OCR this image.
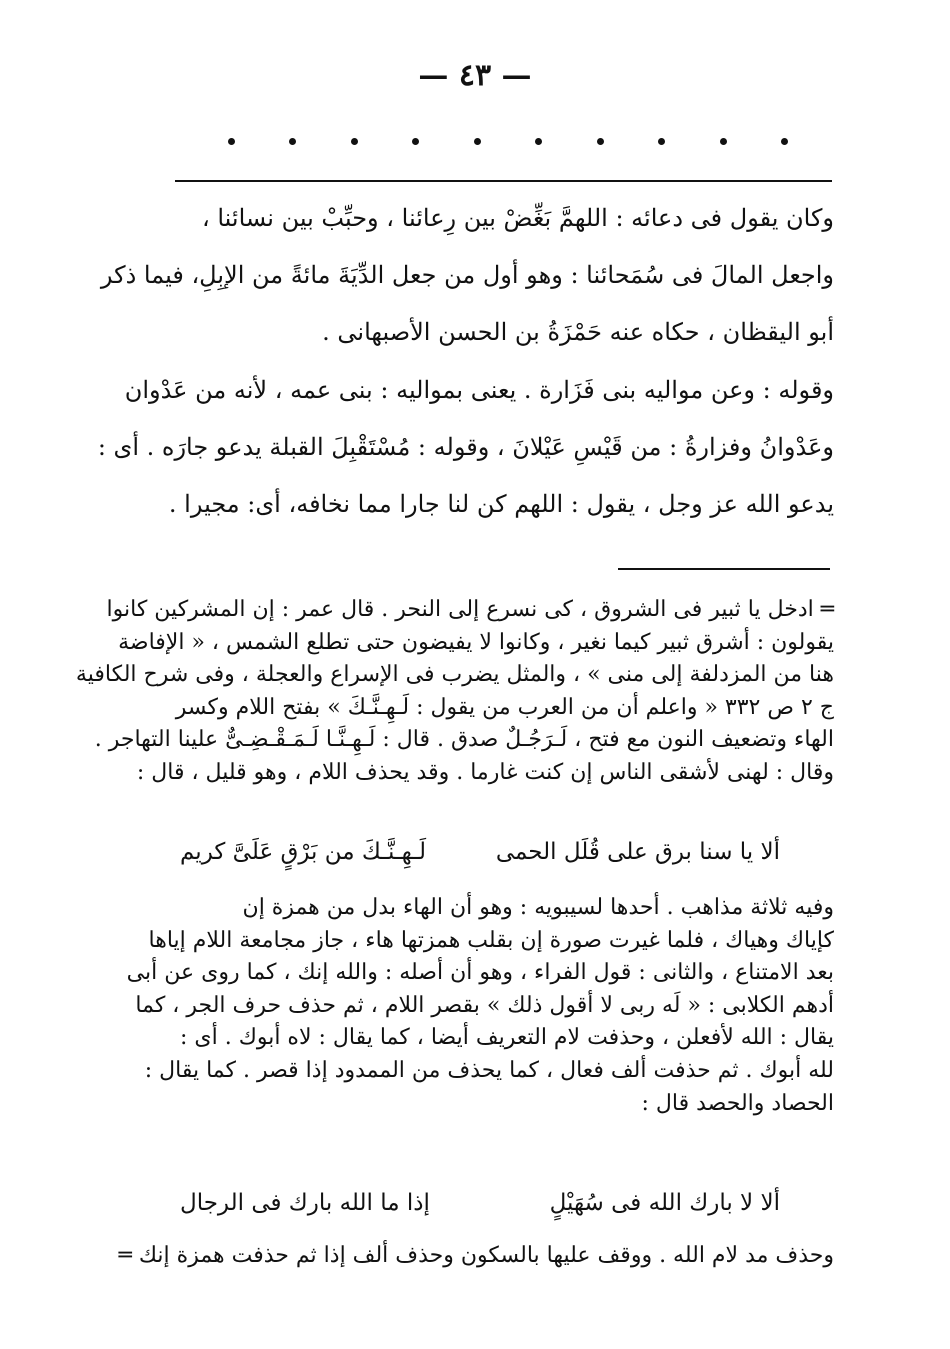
— ٤٣ —
وكان يقول فى دعائه : اللهمَّ بَغِّضْ بين رِعائنا ، وحبِّبْ بين نسائنا ،
واجعل المالَ فى سُمَحائنا : وهو أول من جعل الدِّيَةَ مائةً من الإبِلِ، فيما ذكر
أبو اليقظان ، حكاه عنه حَمْزَةُ بن الحسن الأصبهانى .
وقوله : وعن مواليه بنى فَزَارة . يعنى بمواليه : بنى عمه ، لأنه من عَدْوان
وعَدْوانُ وفزارةُ : من قَيْسِ عَيْلانَ ، وقوله : مُسْتَقْبِلَ القبلة يدعو جارَه . أى :
يدعو الله عز وجل ، يقول : اللهم كن لنا جارا مما نخافه، أى: مجيرا .
═ ادخل يا ثبير فى الشروق ، كى نسرع إلى النحر . قال عمر : إن المشركين كانوا
يقولون : أشرق ثبير كيما نغير ، وكانوا لا يفيضون حتى تطلع الشمس ، « الإفاضة
هنا من المزدلفة إلى منى » ، والمثل يضرب فى الإسراع والعجلة ، وفى شرح الكافية
ج ٢ ص ٣٣٢ « واعلم أن من العرب من يقول : لَـهِـنَّـكَ » بفتح اللام وكسر
الهاء وتضعيف النون مع فتح ، لَـرَجُـلٌ صدق . قال : لَـهِـنَّـا لَـمَـقْـضِـىٌّ علينا التهاجر .
وقال : لهنى لأشقى الناس إن كنت غارما . وقد يحذف اللام ، وهو قليل ، قال :
ألا يا سنا برق على قُلَل الحمى
لَـهِـنَّـكَ من بَرْقٍ عَلَىَّ كريم
وفيه ثلاثة مذاهب . أحدها لسيبويه : وهو أن الهاء بدل من همزة إن
كإياك وهياك ، فلما غيرت صورة إن بقلب همزتها هاء ، جاز مجامعة اللام إياها
بعد الامتناع ، والثانى : قول الفراء ، وهو أن أصله : والله إنك ، كما روى عن أبى
أدهم الكلابى : « لَه ربى لا أقول ذلك » بقصر اللام ، ثم حذف حرف الجر ، كما
يقال : الله لأفعلن ، وحذفت لام التعريف أيضا ، كما يقال : لاه أبوك . أى :
لله أبوك . ثم حذفت ألف فعال ، كما يحذف من الممدود إذا قصر . كما يقال :
الحصاد والحصد قال :
ألا لا بارك الله فى سُهَيْلٍ
إذا ما الله بارك فى الرجال
وحذف مد لام الله . ووقف عليها بالسكون وحذف ألف إذا ثم حذفت همزة إنك ═
